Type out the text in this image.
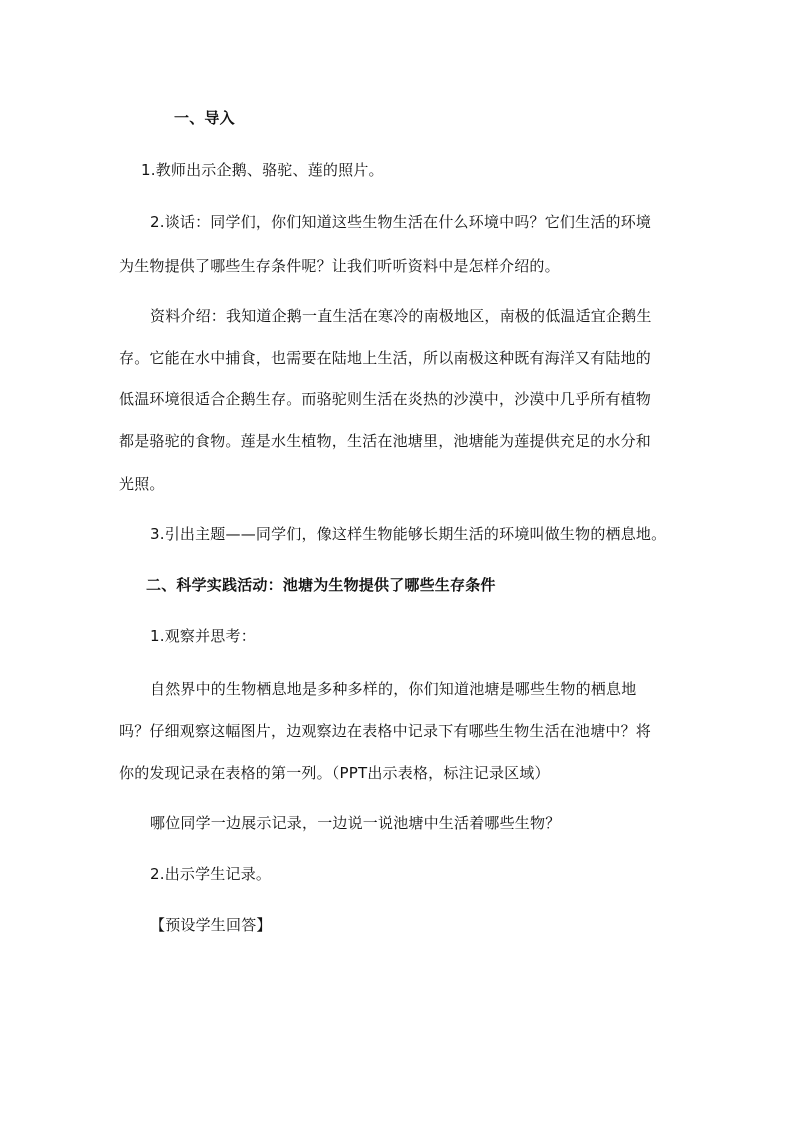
一、导入
1.教师出示企鹅、骆驼、莲的照片。
2.谈话：同学们，你们知道这些生物生活在什么环境中吗？它们生活的环境
为生物提供了哪些生存条件呢？让我们听听资料中是怎样介绍的。
资料介绍：我知道企鹅一直生活在寒冷的南极地区，南极的低温适宜企鹅生
存。它能在水中捕食，也需要在陆地上生活，所以南极这种既有海洋又有陆地的
低温环境很适合企鹅生存。而骆驼则生活在炎热的沙漠中，沙漠中几乎所有植物
都是骆驼的食物。莲是水生植物，生活在池塘里，池塘能为莲提供充足的水分和
光照。
3.引出主题——同学们，像这样生物能够长期生活的环境叫做生物的栖息地。
二、科学实践活动：池塘为生物提供了哪些生存条件
1.观察并思考：
自然界中的生物栖息地是多种多样的，你们知道池塘是哪些生物的栖息地
吗？仔细观察这幅图片，边观察边在表格中记录下有哪些生物生活在池塘中？将
你的发现记录在表格的第一列。（PPT出示表格，标注记录区域）
哪位同学一边展示记录，一边说一说池塘中生活着哪些生物？
2.出示学生记录。
【预设学生回答】
